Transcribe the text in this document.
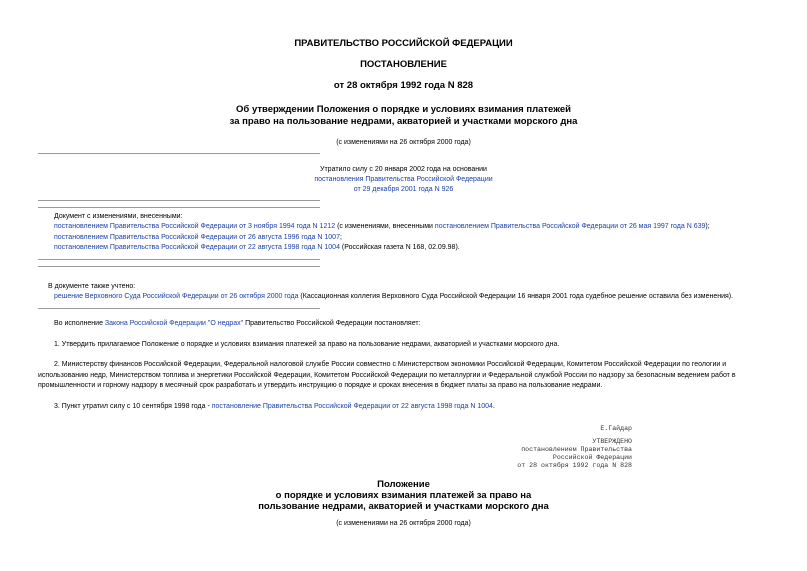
ПРАВИТЕЛЬСТВО РОССИЙСКОЙ ФЕДЕРАЦИИ
ПОСТАНОВЛЕНИЕ
от 28 октября 1992 года N 828
Об утверждении Положения о порядке и условиях взимания платежей
за право на пользование недрами, акваторией и участками морского дна
(с изменениями на 26 октября 2000 года)
Утратило силу с 20 января 2002 года на основании
постановления Правительства Российской Федерации
от 29 декабря 2001 года N 926
Документ с изменениями, внесенными:
постановлением Правительства Российской Федерации от 3 ноября 1994 года N 1212 (с изменениями, внесенными постановлением Правительства Российской Федерации от 26 мая 1997 года N 639);
постановлением Правительства Российской Федерации от 26 августа 1996 года N 1007;
постановлением Правительства Российской Федерации от 22 августа 1998 года N 1004 (Российская газета N 168, 02.09.98).
В документе также учтено:
решение Верховного Суда Российской Федерации от 26 октября 2000 года (Кассационная коллегия Верховного Суда Российской Федерации 16 января 2001 года судебное решение оставила без изменения).
Во исполнение Закона Российской Федерации "О недрах" Правительство Российской Федерации постановляет:
1. Утвердить прилагаемое Положение о порядке и условиях взимания платежей за право на пользование недрами, акваторией и участками морского дна.
2. Министерству финансов Российской Федерации, Федеральной налоговой службе России совместно с Министерством экономики Российской Федерации, Комитетом Российской Федерации по геологии и использованию недр, Министерством топлива и энергетики Российской Федерации, Комитетом Российской Федерации по металлургии и Федеральной службой России по надзору за безопасным ведением работ в промышленности и горному надзору в месячный срок разработать и утвердить инструкцию о порядке и сроках внесения в бюджет платы за право на пользование недрами.
3. Пункт утратил силу с 10 сентября 1998 года - постановление Правительства Российской Федерации от 22 августа 1998 года N 1004.
Е.Гайдар
УТВЕРЖДЕНО
постановлением Правительства
Российской Федерации
от 28 октября 1992 года N 828
Положение
о порядке и условиях взимания платежей за право на
пользование недрами, акваторией и участками морского дна
(с изменениями на 26 октября 2000 года)
